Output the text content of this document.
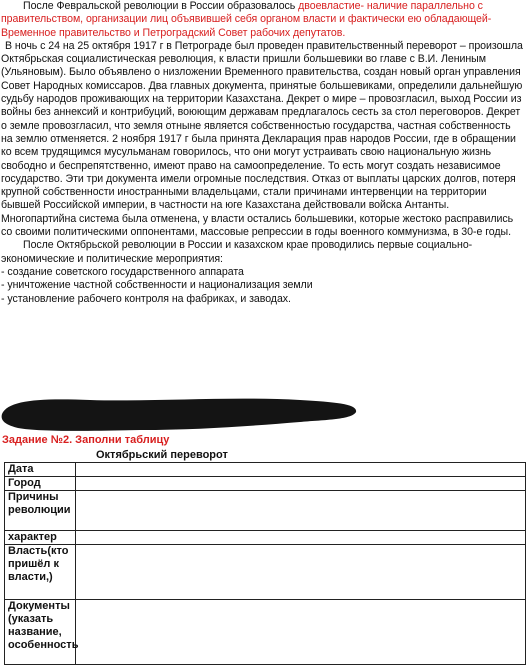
После Февральской революции в России образовалось двоевластие- наличие параллельно с правительством, организации лиц объявившей себя органом власти и фактически ею обладающей- Временное правительство и Петроградский Совет рабочих депутатов.

В ночь с 24 на 25 октября 1917 г в Петрограде был проведен правительственный переворот – произошла Октябрьская социалистическая революция, к власти пришли большевики во главе с В.И. Лениным (Ульяновым). Было объявлено о низложении Временного правительства, создан новый орган управления Совет Народных комиссаров. Два главных документа, принятые большевиками, определили дальнейшую судьбу народов проживающих на территории Казахстана. Декрет о мире – провозгласил, выход России из войны без аннексий и контрибуций, воюющим державам предлагалось сесть за стол переговоров. Декрет о земле провозгласил, что земля отныне является собственностью государства, частная собственность на землю отменяется. 2 ноября 1917 г была принята Декларация прав народов России, где в обращении ко всем трудящимся мусульманам говорилось, что они могут устраивать свою национальную жизнь свободно и беспрепятственно, имеют право на самоопределение. То есть могут создать независимое государство. Эти три документа имели огромные последствия. Отказ от выплаты царских долгов, потеря крупной собственности иностранными владельцами, стали причинами интервенции на территории бывшей Российской империи, в частности на юге Казахстана действовали войска Антанты. Многопартийна система была отменена, у власти остались большевики, которые жестоко расправились со своими политическими оппонентами, массовые репрессии в годы военного коммунизма, в 30-е годы.

После Октябрьской революции в России и казахском крае проводились первые социально-экономические и политические мероприятия:

- создание советского государственного аппарата

- уничтожение частной собственности и национализация земли

- установление рабочего контроля на фабриках, и заводах.

Задание №2. Заполни таблицу
Октябрьский переворот
Дата	
Город	
Причины революции	
характер	
Власть(кто пришёл к власти,)	
Документы (указать название, особенность	
